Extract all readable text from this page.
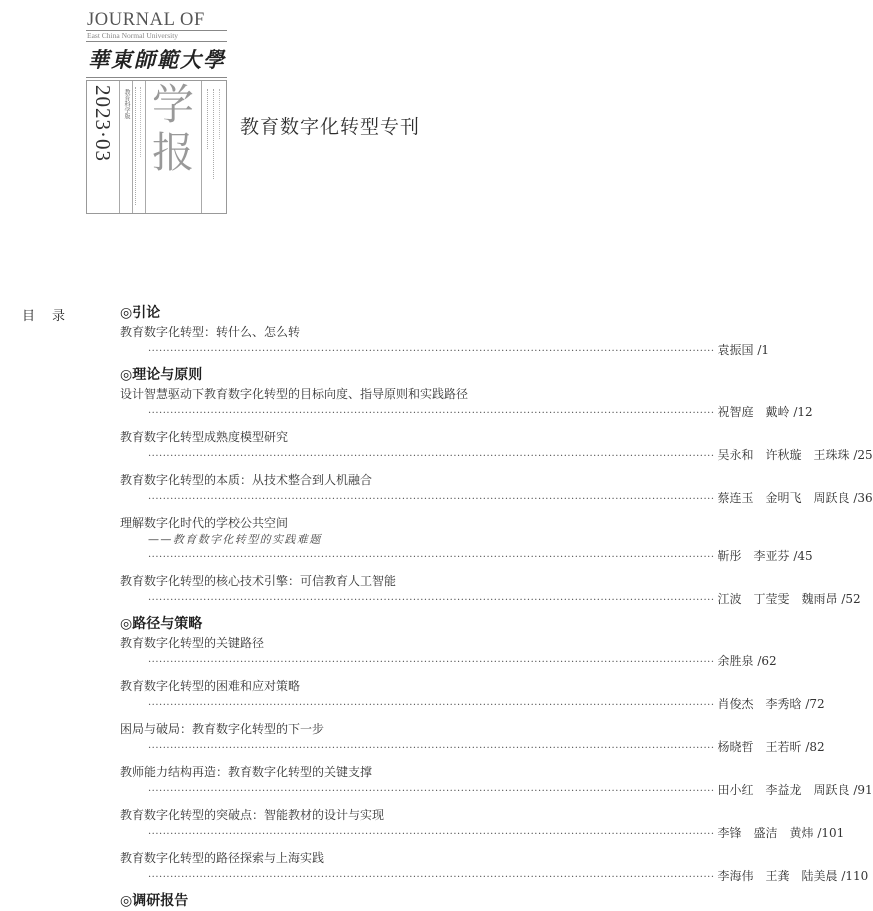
JOURNAL OF
East China Normal University
華東師範大學
2023·03 教育科学版 学
报
教育数字化转型专刊
目录	◎引论
教育数字化转型：转什么、怎么转
·························································································································································· 袁振国 /1
◎理论与原则
设计智慧驱动下教育数字化转型的目标向度、指导原则和实践路径
·························································································································································· 祝智庭　戴岭 /12
教育数字化转型成熟度模型研究
·························································································································································· 吴永和　许秋璇　王珠珠 /25
教育数字化转型的本质：从技术整合到人机融合
·························································································································································· 蔡连玉　金明飞　周跃良 /36
理解数字化时代的学校公共空间
——教育数字化转型的实践难题
·························································································································································· 靳彤　李亚芬 /45
教育数字化转型的核心技术引擎：可信教育人工智能
·························································································································································· 江波　丁莹雯　魏雨昂 /52
◎路径与策略
教育数字化转型的关键路径
·························································································································································· 余胜泉 /62
教育数字化转型的困难和应对策略
·························································································································································· 肖俊杰　李秀晗 /72
困局与破局：教育数字化转型的下一步
·························································································································································· 杨晓哲　王若昕 /82
教师能力结构再造：教育数字化转型的关键支撑
·························································································································································· 田小红　李益龙　周跃良 /91
教育数字化转型的突破点：智能教材的设计与实现
·························································································································································· 李锋　盛洁　黄炜 /101
教育数字化转型的路径探索与上海实践
·························································································································································· 李海伟　王龚　陆美晨 /110
◎调研报告
